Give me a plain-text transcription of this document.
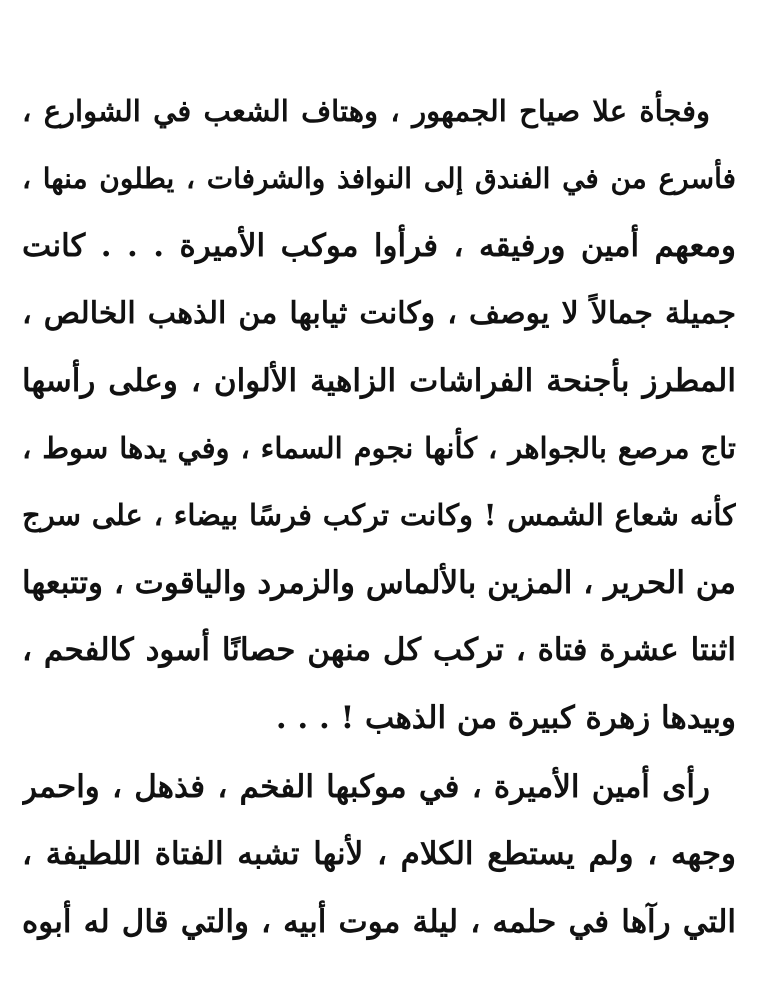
وفجأة علا صياح الجمهور ، وهتاف الشعب في الشوارع ،
فأسرع من في الفندق إلى النوافذ والشرفات ، يطلون منها ،
ومعهم أمين ورفيقه ، فرأوا موكب الأميرة . . . كانت
جميلة جمالاً لا يوصف ، وكانت ثيابها من الذهب الخالص ،
المطرز بأجنحة الفراشات الزاهية الألوان ، وعلى رأسها
تاج مرصع بالجواهر ، كأنها نجوم السماء ، وفي يدها سوط ،
كأنه شعاع الشمس ! وكانت تركب فرسًا بيضاء ، على سرج
من الحرير ، المزين بالألماس والزمرد والياقوت ، وتتبعها
اثنتا عشرة فتاة ، تركب كل منهن حصانًا أسود كالفحم ،
وبيدها زهرة كبيرة من الذهب ! . . .
رأى أمين الأميرة ، في موكبها الفخم ، فذهل ، واحمر
وجهه ، ولم يستطع الكلام ، لأنها تشبه الفتاة اللطيفة ،
التي رآها في حلمه ، ليلة موت أبيه ، والتي قال له أبوه
